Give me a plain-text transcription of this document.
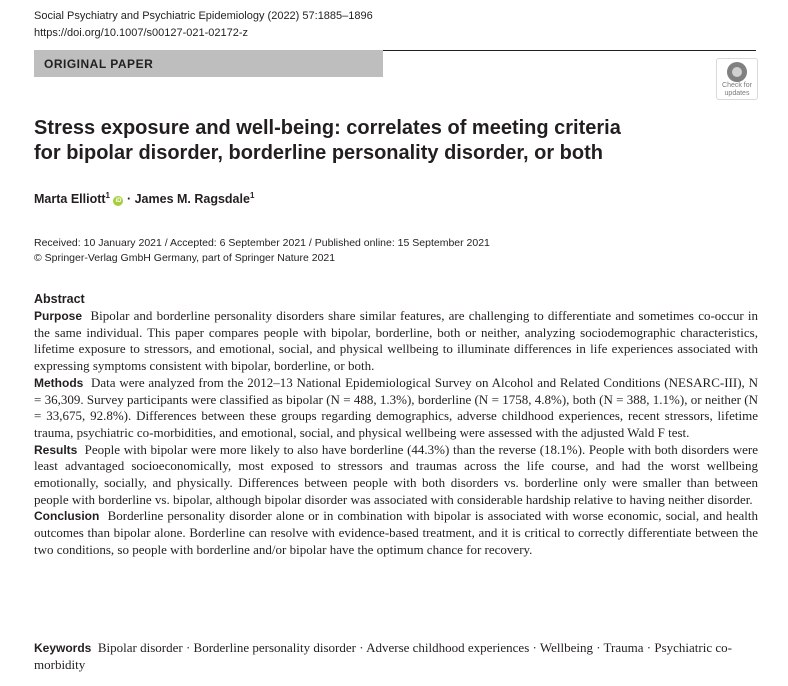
Social Psychiatry and Psychiatric Epidemiology (2022) 57:1885–1896
https://doi.org/10.1007/s00127-021-02172-z
ORIGINAL PAPER
Check for
updates
Stress exposure and well-being: correlates of meeting criteria
for bipolar disorder, borderline personality disorder, or both
Marta Elliott$^1$ iD · James M. Ragsdale$^1$
Received: 10 January 2021 / Accepted: 6 September 2021 / Published online: 15 September 2021
© Springer-Verlag GmbH Germany, part of Springer Nature 2021
Abstract

Purpose Bipolar and borderline personality disorders share similar features, are challenging to differentiate and sometimes co-occur in the same individual. This paper compares people with bipolar, borderline, both or neither, analyzing sociodemographic characteristics, lifetime exposure to stressors, and emotional, social, and physical wellbeing to illuminate differences in life experiences associated with expressing symptoms consistent with bipolar, borderline, or both.

Methods Data were analyzed from the 2012–13 National Epidemiological Survey on Alcohol and Related Conditions (NESARC-III), N = 36,309. Survey participants were classified as bipolar (N = 488, 1.3%), borderline (N = 1758, 4.8%), both (N = 388, 1.1%), or neither (N = 33,675, 92.8%). Differences between these groups regarding demographics, adverse childhood experiences, recent stressors, lifetime trauma, psychiatric co-morbidities, and emotional, social, and physical wellbeing were assessed with the adjusted Wald F test.

Results People with bipolar were more likely to also have borderline (44.3%) than the reverse (18.1%). People with both disorders were least advantaged socioeconomically, most exposed to stressors and traumas across the life course, and had the worst wellbeing emotionally, socially, and physically. Differences between people with both disorders vs. borderline only were smaller than between people with borderline vs. bipolar, although bipolar disorder was associated with considerable hardship relative to having neither disorder.

Conclusion Borderline personality disorder alone or in combination with bipolar is associated with worse economic, social, and health outcomes than bipolar alone. Borderline can resolve with evidence-based treatment, and it is critical to correctly differentiate between the two conditions, so people with borderline and/or bipolar have the optimum chance for recovery.

Keywords Bipolar disorder · Borderline personality disorder · Adverse childhood experiences · Wellbeing · Trauma · Psychiatric co-morbidity
